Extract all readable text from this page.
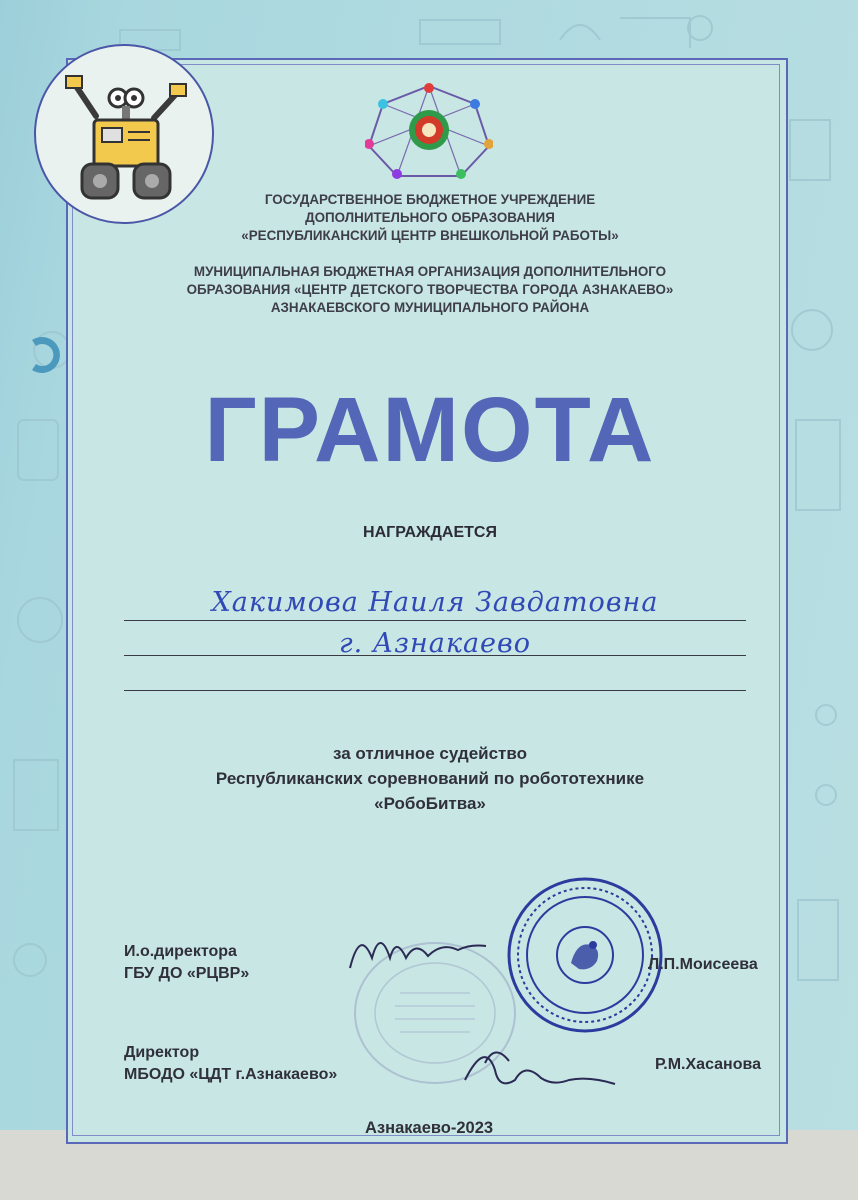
ГОСУДАРСТВЕННОЕ БЮДЖЕТНОЕ УЧРЕЖДЕНИЕ
ДОПОЛНИТЕЛЬНОГО ОБРАЗОВАНИЯ
«РЕСПУБЛИКАНСКИЙ ЦЕНТР ВНЕШКОЛЬНОЙ РАБОТЫ»
МУНИЦИПАЛЬНАЯ БЮДЖЕТНАЯ ОРГАНИЗАЦИЯ ДОПОЛНИТЕЛЬНОГО
ОБРАЗОВАНИЯ «ЦЕНТР ДЕТСКОГО ТВОРЧЕСТВА ГОРОДА АЗНАКАЕВО»
АЗНАКАЕВСКОГО МУНИЦИПАЛЬНОГО РАЙОНА
ГРАМОТА
НАГРАЖДАЕТСЯ
Хакимова Наиля Завдатовна
г. Азнакаево
за отличное судейство
Республиканских соревнований по робототехнике
«РобоБитва»
И.о.директора
ГБУ ДО «РЦВР»
Л.П.Моисеева
Директор
МБОДО «ЦДТ г.Азнакаево»
Р.М.Хасанова
Азнакаево-2023
